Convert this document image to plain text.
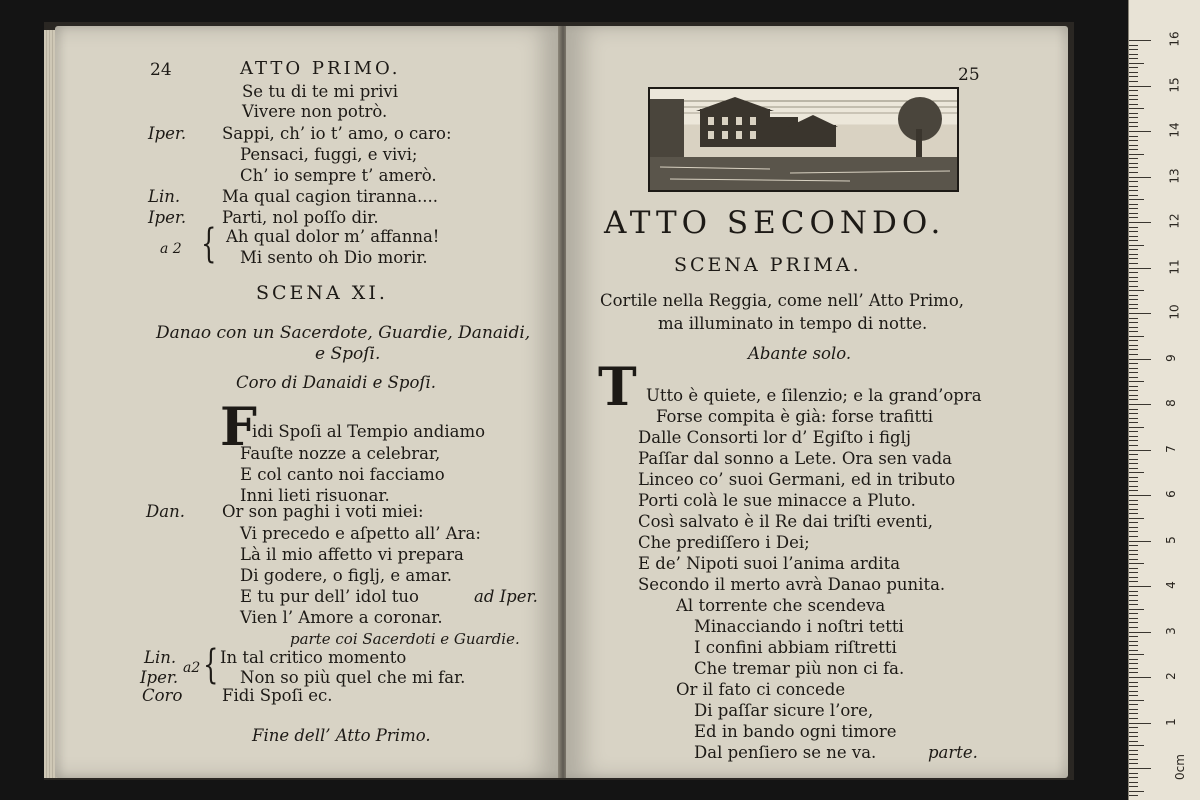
24	ATTO PRIMO.
Se tu di te mi privi
Vivere non potrò.
Iper. Sappi, ch’ io t’ amo, o caro:
Pensaci, fuggi, e vivi;
Ch’ io sempre t’ amerò.
Lin.	Ma qual cagion tiranna....
Iper. Parti, nol poſſo dir.
a 2 { Ah qual dolor m’ affanna!
Mi sento oh Dio morir.
SCENA XI.
Danao con un Sacerdote, Guardie, Danaidi,
e Spoſi.
Coro di Danaidi e Spoſi.
F
idi Spoſi al Tempio andiamo
Fauſte nozze a celebrar,
E col canto noi facciamo
Inni lieti risuonar.
Dan. Or son paghi i voti miei:
Vi precedo e aſpetto all’ Ara:
Là il mio affetto vi prepara
Di godere, o figlj, e amar.
E tu pur dell’ idol tuo	ad Iper.
Vien l’ Amore a coronar.
parte coi Sacerdoti e Guardie.
Lin.
Iper. a2 { In tal critico momento
Non so più quel che mi far.
Coro Fidi Spoſi ec.
Fine dell’ Atto Primo.
25
ATTO SECONDO.
SCENA PRIMA.
Cortile nella Reggia, come nell’ Atto Primo,
ma illuminato in tempo di notte.
Abante solo.
T Utto è quiete, e ſilenzio; e la grand’opra
Forse compita è già: forse trafitti
Dalle Consorti lor d’ Egiſto i figlj
Paſſar dal sonno a Lete. Ora sen vada
Linceo co’ suoi Germani, ed in tributo
Porti colà le sue minacce a Pluto.
Così salvato è il Re dai triſti eventi,
Che prediſſero i Dei;
E de’ Nipoti suoi l’anima ardita
Secondo il merto avrà Danao punita.
Al torrente che scendeva
Minacciando i noſtri tetti
I confini abbiam riſtretti
Che tremar più non ci fa.
Or il fato ci concede
Di paſſar sicure l’ore,
Ed in bando ogni timore
Dal penſiero se ne va.	parte.
16
15
14
13
12
11
10
9
8
7
6
5
4
3
2
1
0cm
